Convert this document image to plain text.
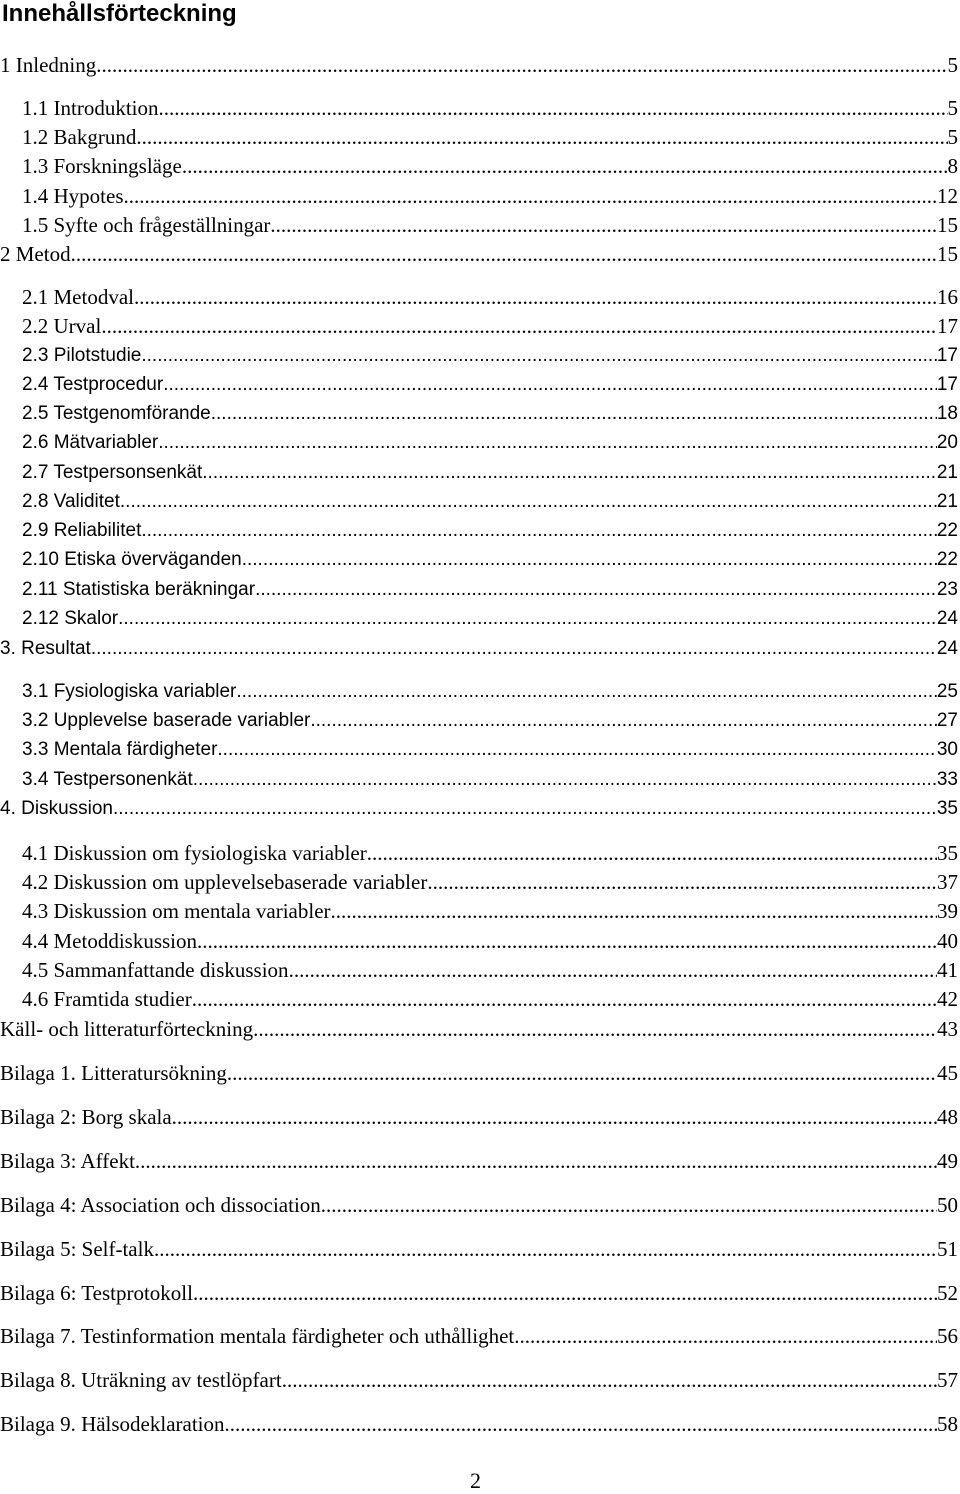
Innehållsförteckning
1 Inledning .....	5
1.1 Introduktion .....	5
1.2 Bakgrund .....	5
1.3 Forskningsläge .....	8
1.4 Hypotes .....	12
1.5 Syfte och frågeställningar .....	15
2 Metod .....	15
2.1 Metodval .....	16
2.2 Urval .....	17
2.3 Pilotstudie .....	17
2.4 Testprocedur .....	17
2.5 Testgenomförande .....	18
2.6 Mätvariabler .....	20
2.7 Testpersonsenkät .....	21
2.8 Validitet .....	21
2.9 Reliabilitet .....	22
2.10 Etiska överväganden .....	22
2.11 Statistiska beräkningar .....	23
2.12 Skalor .....	24
3. Resultat .....	24
3.1 Fysiologiska variabler .....	25
3.2 Upplevelse baserade variabler .....	27
3.3 Mentala färdigheter .....	30
3.4 Testpersonenkät .....	33
4. Diskussion .....	35
4.1 Diskussion om fysiologiska variabler .....	35
4.2 Diskussion om upplevelsebaserade variabler .....	37
4.3 Diskussion om mentala variabler .....	39
4.4 Metoddiskussion .....	40
4.5 Sammanfattande diskussion .....	41
4.6 Framtida studier .....	42
Käll- och litteraturförteckning .....	43
Bilaga 1. Litteratursökning .....	45
Bilaga 2: Borg skala .....	48
Bilaga 3: Affekt .....	49
Bilaga 4: Association och dissociation .....	50
Bilaga 5: Self-talk .....	51
Bilaga 6: Testprotokoll .....	52
Bilaga 7. Testinformation mentala färdigheter och uthållighet .....	56
Bilaga 8. Uträkning av testlöpfart .....	57
Bilaga 9. Hälsodeklaration .....	58
2
